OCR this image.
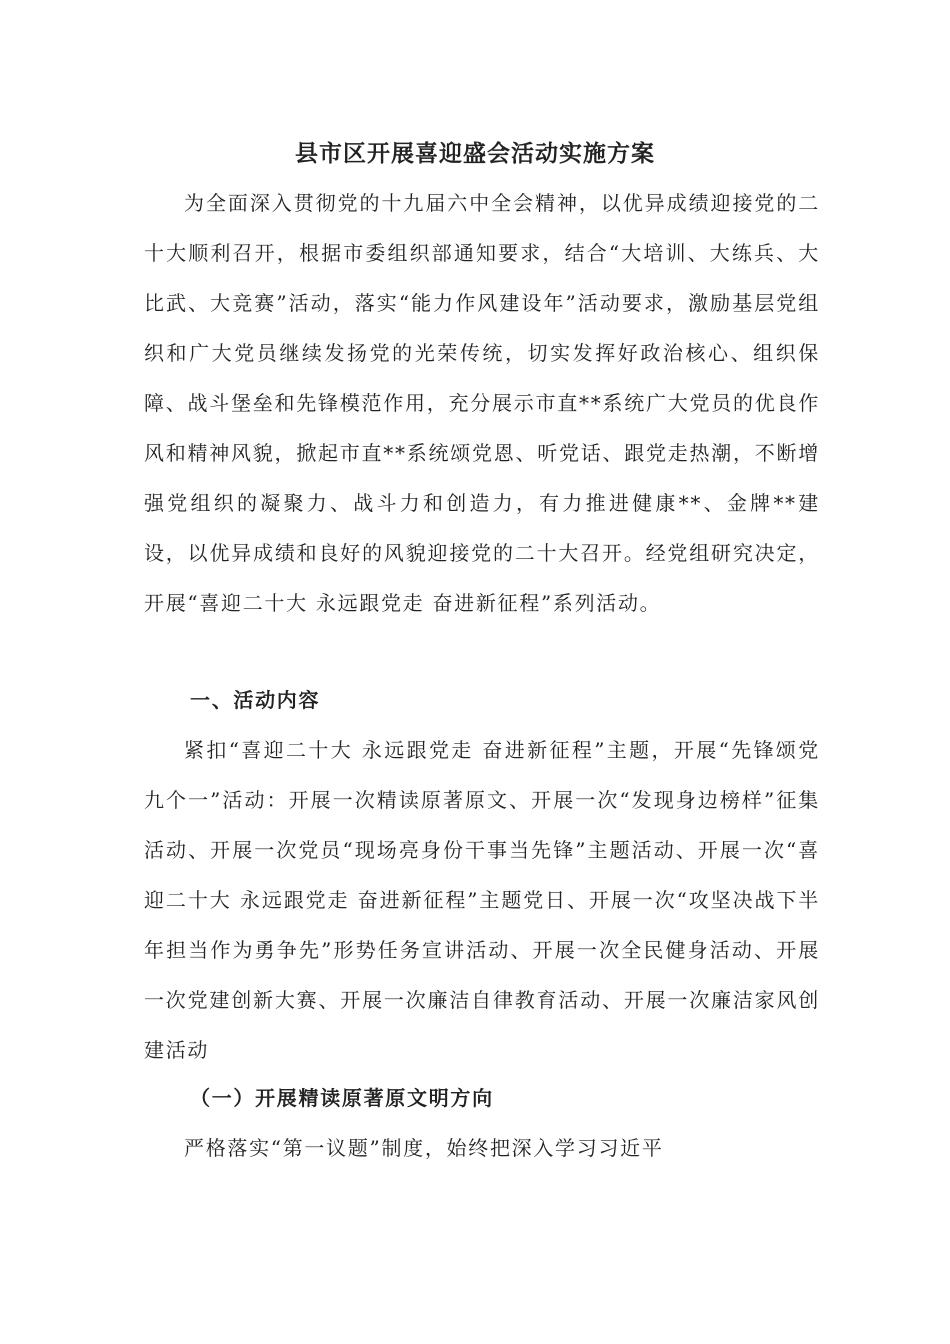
县市区开展喜迎盛会活动实施方案

为全面深入贯彻党的十九届六中全会精神，以优异成绩迎接党的二十大顺利召开，根据市委组织部通知要求，结合“大培训、大练兵、大比武、大竞赛”活动，落实“能力作风建设年”活动要求，激励基层党组织和广大党员继续发扬党的光荣传统，切实发挥好政治核心、组织保障、战斗堡垒和先锋模范作用，充分展示市直**系统广大党员的优良作风和精神风貌，掀起市直**系统颂党恩、听党话、跟党走热潮，不断增强党组织的凝聚力、战斗力和创造力，有力推进健康**、金牌**建设，以优异成绩和良好的风貌迎接党的二十大召开。经党组研究决定，开展“喜迎二十大 永远跟党走 奋进新征程”系列活动。

一、活动内容

紧扣“喜迎二十大 永远跟党走 奋进新征程”主题，开展“先锋颂党九个一”活动：开展一次精读原著原文、开展一次“发现身边榜样”征集活动、开展一次党员“现场亮身份干事当先锋”主题活动、开展一次“喜迎二十大 永远跟党走 奋进新征程”主题党日、开展一次“攻坚决战下半年担当作为勇争先”形势任务宣讲活动、开展一次全民健身活动、开展一次党建创新大赛、开展一次廉洁自律教育活动、开展一次廉洁家风创建活动

（一）开展精读原著原文明方向

严格落实“第一议题”制度，始终把深入学习习近平
